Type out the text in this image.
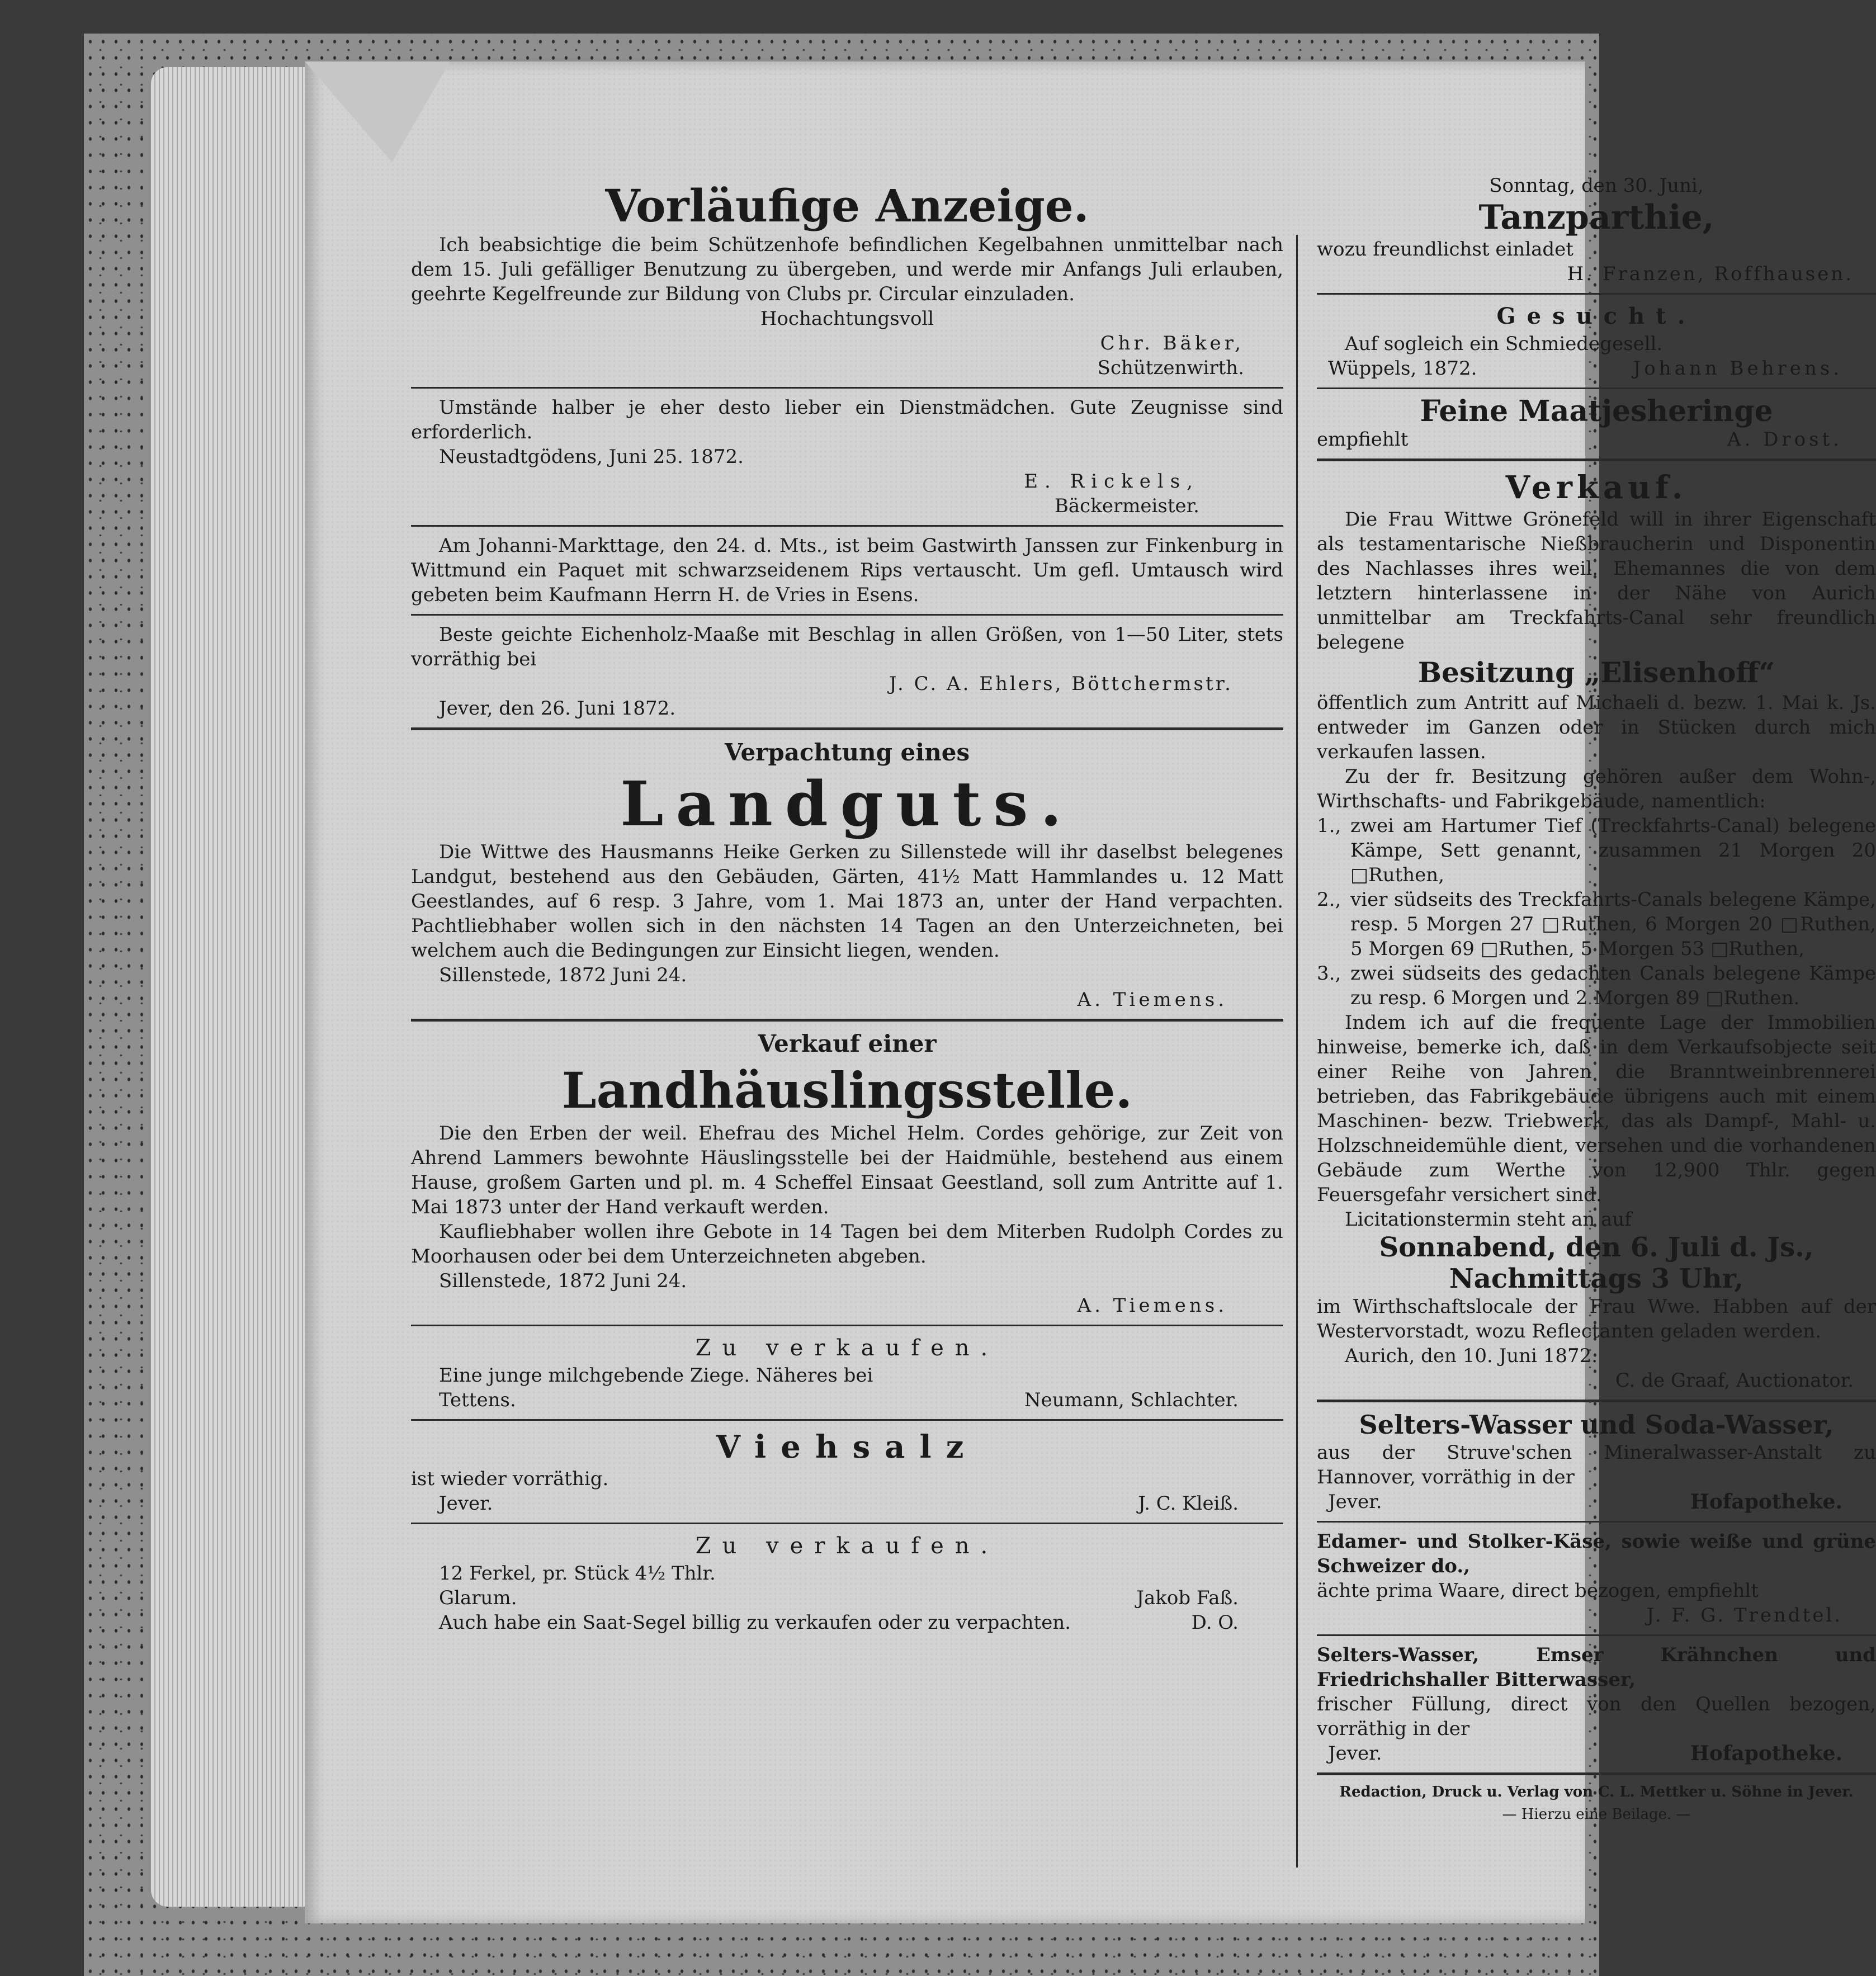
Vorläufige Anzeige.

Ich beabsichtige die beim Schützenhofe befindlichen Kegelbahnen unmittelbar nach dem 15. Juli gefälliger Benutzung zu übergeben, und werde mir Anfangs Juli erlauben, geehrte Kegelfreunde zur Bildung von Clubs pr. Circular einzuladen.

Hochachtungsvoll

Chr. Bäker,

Schützenwirth.

Umstände halber je eher desto lieber ein Dienstmädchen. Gute Zeugnisse sind erforderlich.

Neustadtgödens, Juni 25. 1872.

E. Rickels,

Bäckermeister.

Am Johanni-Markttage, den 24. d. Mts., ist beim Gastwirth Janssen zur Finkenburg in Wittmund ein Paquet mit schwarzseidenem Rips vertauscht. Um gefl. Umtausch wird gebeten beim Kaufmann Herrn H. de Vries in Esens.

Beste geichte Eichenholz-Maaße mit Beschlag in allen Größen, von 1—50 Liter, stets vorräthig bei

J. C. A. Ehlers, Böttchermstr.

Jever, den 26. Juni 1872.

Verpachtung eines
Landguts.

Die Wittwe des Hausmanns Heike Gerken zu Sillenstede will ihr daselbst belegenes Landgut, bestehend aus den Gebäuden, Gärten, 41½ Matt Hammlandes u. 12 Matt Geestlandes, auf 6 resp. 3 Jahre, vom 1. Mai 1873 an, unter der Hand verpachten. Pachtliebhaber wollen sich in den nächsten 14 Tagen an den Unterzeichneten, bei welchem auch die Bedingungen zur Einsicht liegen, wenden.

Sillenstede, 1872 Juni 24.

A. Tiemens.

Verkauf einer
Landhäuslingsstelle.

Die den Erben der weil. Ehefrau des Michel Helm. Cordes gehörige, zur Zeit von Ahrend Lammers bewohnte Häuslingsstelle bei der Haidmühle, bestehend aus einem Hause, großem Garten und pl. m. 4 Scheffel Einsaat Geestland, soll zum Antritte auf 1. Mai 1873 unter der Hand verkauft werden.

Kaufliebhaber wollen ihre Gebote in 14 Tagen bei dem Miterben Rudolph Cordes zu Moorhausen oder bei dem Unterzeichneten abgeben.

Sillenstede, 1872 Juni 24.

A. Tiemens.

Zu verkaufen.

Eine junge milchgebende Ziege. Näheres bei

Tettens.	Neumann, Schlachter.
Viehsalz

ist wieder vorräthig.

Jever.	J. C. Kleiß.
Zu verkaufen.

12 Ferkel, pr. Stück 4½ Thlr.

Glarum.	Jakob Faß.

Auch habe ein Saat-Segel billig zu verkaufen oder zu verpachten.	D. O.

Sonntag, den 30. Juni,

Tanzparthie,

wozu freundlichst einladet

H. Franzen, Roffhausen.

Gesucht.

Auf sogleich ein Schmiedegesell.

Wüppels, 1872.	Johann Behrens.
Feine Maatjesheringe
empfiehlt	A. Drost.
Verkauf.

Die Frau Wittwe Grönefeld will in ihrer Eigenschaft als testamentarische Nießbraucherin und Disponentin des Nachlasses ihres weil. Ehemannes die von dem letztern hinterlassene in der Nähe von Aurich unmittelbar am Treckfahrts-Canal sehr freundlich belegene

Besitzung „Elisenhoff“

öffentlich zum Antritt auf Michaeli d. bezw. 1. Mai k. Js. entweder im Ganzen oder in Stücken durch mich verkaufen lassen.

Zu der fr. Besitzung gehören außer dem Wohn-, Wirthschafts- und Fabrikgebäude, namentlich:

1., zwei am Hartumer Tief (Treckfahrts-Canal) belegene Kämpe, Sett genannt, zusammen 21 Morgen 20 □Ruthen,

2., vier südseits des Treckfahrts-Canals belegene Kämpe, resp. 5 Morgen 27 □Ruthen, 6 Morgen 20 □Ruthen, 5 Morgen 69 □Ruthen, 5 Morgen 53 □Ruthen,

3., zwei südseits des gedachten Canals belegene Kämpe zu resp. 6 Morgen und 2 Morgen 89 □Ruthen.

Indem ich auf die frequente Lage der Immobilien hinweise, bemerke ich, daß in dem Verkaufsobjecte seit einer Reihe von Jahren die Branntweinbrennerei betrieben, das Fabrikgebäude übrigens auch mit einem Maschinen- bezw. Triebwerk, das als Dampf-, Mahl- u. Holzschneidemühle dient, versehen und die vorhandenen Gebäude zum Werthe von 12,900 Thlr. gegen Feuersgefahr versichert sind.

Licitationstermin steht an auf

Sonnabend, den 6. Juli d. Js.,
Nachmittags 3 Uhr,

im Wirthschaftslocale der Frau Wwe. Habben auf der Westervorstadt, wozu Reflectanten geladen werden.

Aurich, den 10. Juni 1872.

C. de Graaf, Auctionator.

Selters-Wasser und Soda-Wasser,

aus der Struve'schen Mineralwasser-Anstalt zu Hannover, vorräthig in der

Jever.	Hofapotheke.

Edamer- und Stolker-Käse, sowie weiße und grüne Schweizer do.,

ächte prima Waare, direct bezogen, empfiehlt

J. F. G. Trendtel.

Selters-Wasser, Emser Krähnchen und Friedrichshaller Bitterwasser,

frischer Füllung, direct von den Quellen bezogen, vorräthig in der

Jever.	Hofapotheke.
Redaction, Druck u. Verlag von C. L. Mettker u. Söhne in Jever.
— Hierzu eine Beilage. —
